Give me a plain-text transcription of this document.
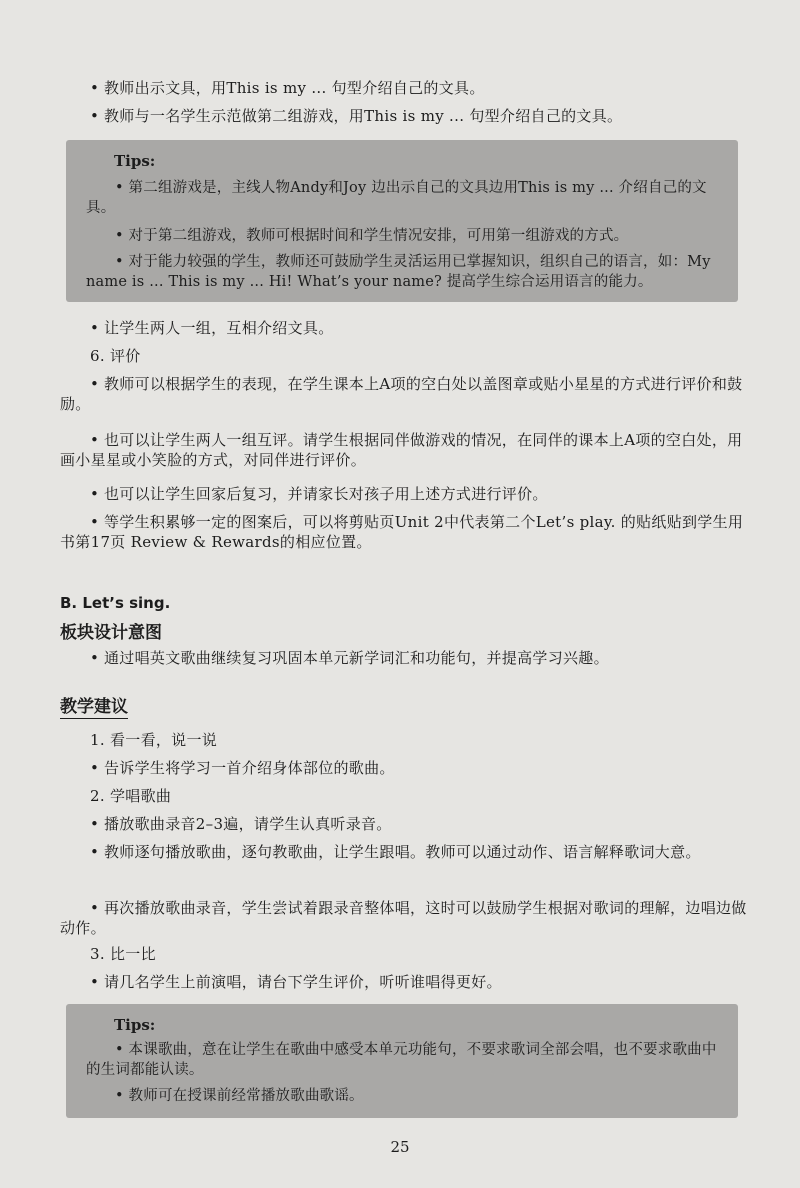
• 教师出示文具，用This is my ... 句型介绍自己的文具。
• 教师与一名学生示范做第二组游戏，用This is my ... 句型介绍自己的文具。
Tips:
• 第二组游戏是，主线人物Andy和Joy 边出示自己的文具边用This is my ... 介绍自己的文具。
• 对于第二组游戏，教师可根据时间和学生情况安排，可用第一组游戏的方式。
• 对于能力较强的学生，教师还可鼓励学生灵活运用已掌握知识，组织自己的语言，如：My name is ... This is my ... Hi! What’s your name? 提高学生综合运用语言的能力。
• 让学生两人一组，互相介绍文具。
6. 评价
• 教师可以根据学生的表现，在学生课本上A项的空白处以盖图章或贴小星星的方式进行评价和鼓励。
• 也可以让学生两人一组互评。请学生根据同伴做游戏的情况，在同伴的课本上A项的空白处，用画小星星或小笑脸的方式，对同伴进行评价。
• 也可以让学生回家后复习，并请家长对孩子用上述方式进行评价。
• 等学生积累够一定的图案后，可以将剪贴页Unit 2中代表第二个Let’s play. 的贴纸贴到学生用书第17页 Review & Rewards的相应位置。
B. Let’s sing.
板块设计意图
• 通过唱英文歌曲继续复习巩固本单元新学词汇和功能句，并提高学习兴趣。
教学建议
1. 看一看，说一说
• 告诉学生将学习一首介绍身体部位的歌曲。
2. 学唱歌曲
• 播放歌曲录音2–3遍，请学生认真听录音。
• 教师逐句播放歌曲，逐句教歌曲，让学生跟唱。教师可以通过动作、语言解释歌词大意。
• 再次播放歌曲录音，学生尝试着跟录音整体唱，这时可以鼓励学生根据对歌词的理解，边唱边做动作。
3. 比一比
• 请几名学生上前演唱，请台下学生评价，听听谁唱得更好。
Tips:
• 本课歌曲，意在让学生在歌曲中感受本单元功能句，不要求歌词全部会唱，也不要求歌曲中的生词都能认读。
• 教师可在授课前经常播放歌曲歌谣。
25
